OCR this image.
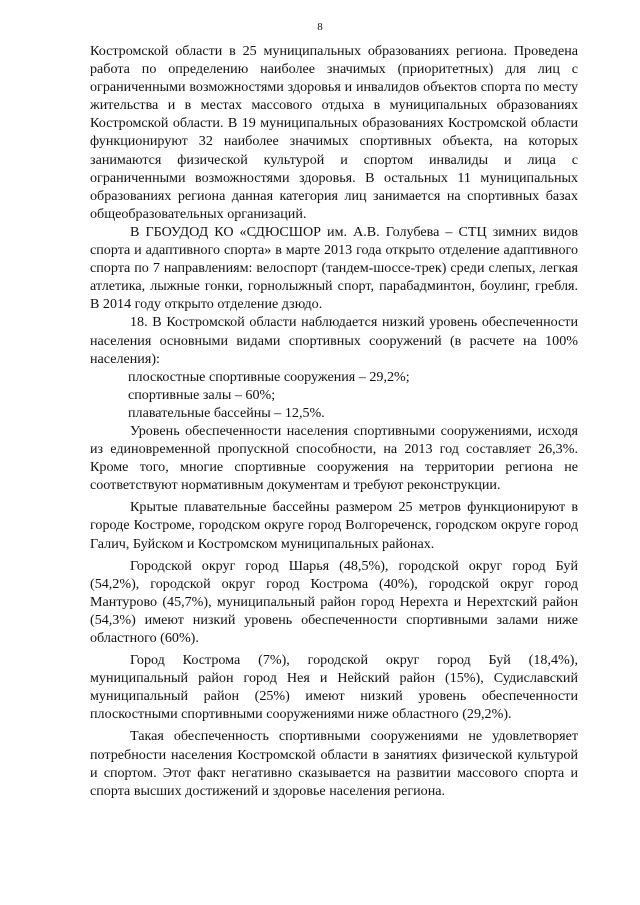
8

Костромской области в 25 муниципальных образованиях региона. Проведена работа по определению наиболее значимых (приоритетных) для лиц с ограниченными возможностями здоровья и инвалидов объектов спорта по месту жительства и в местах массового отдыха в муниципальных образованиях Костромской области. В 19 муниципальных образованиях Костромской области функционируют 32 наиболее значимых спортивных объекта, на которых занимаются физической культурой и спортом инвалиды и лица с ограниченными возможностями здоровья. В остальных 11 муниципальных образованиях региона данная категория лиц занимается на спортивных базах общеобразовательных организаций.

В ГБОУДОД КО «СДЮСШОР им. А.В. Голубева – СТЦ зимних видов спорта и адаптивного спорта» в марте 2013 года открыто отделение адаптивного спорта по 7 направлениям: велоспорт (тандем-шоссе-трек) среди слепых, легкая атлетика, лыжные гонки, горнолыжный спорт, парабадминтон, боулинг, гребля. В 2014 году открыто отделение дзюдо.

18. В Костромской области наблюдается низкий уровень обеспеченности населения основными видами спортивных сооружений (в расчете на 100% населения):

плоскостные спортивные сооружения – 29,2%;

спортивные залы – 60%;

плавательные бассейны – 12,5%.

Уровень обеспеченности населения спортивными сооружениями, исходя из единовременной пропускной способности, на 2013 год составляет 26,3%. Кроме того, многие спортивные сооружения на территории региона не соответствуют нормативным документам и требуют реконструкции.

Крытые плавательные бассейны размером 25 метров функционируют в городе Костроме, городском округе город Волгореченск, городском округе город Галич, Буйском и Костромском муниципальных районах.

Городской округ город Шарья (48,5%), городской округ город Буй (54,2%), городской округ город Кострома (40%), городской округ город Мантурово (45,7%), муниципальный район город Нерехта и Нерехтский район (54,3%) имеют низкий уровень обеспеченности спортивными залами ниже областного (60%).

Город Кострома (7%), городской округ город Буй (18,4%), муниципальный район город Нея и Нейский район (15%), Судиславский муниципальный район (25%) имеют низкий уровень обеспеченности плоскостными спортивными сооружениями ниже областного (29,2%).

Такая обеспеченность спортивными сооружениями не удовлетворяет потребности населения Костромской области в занятиях физической культурой и спортом. Этот факт негативно сказывается на развитии массового спорта и спорта высших достижений и здоровье населения региона.
